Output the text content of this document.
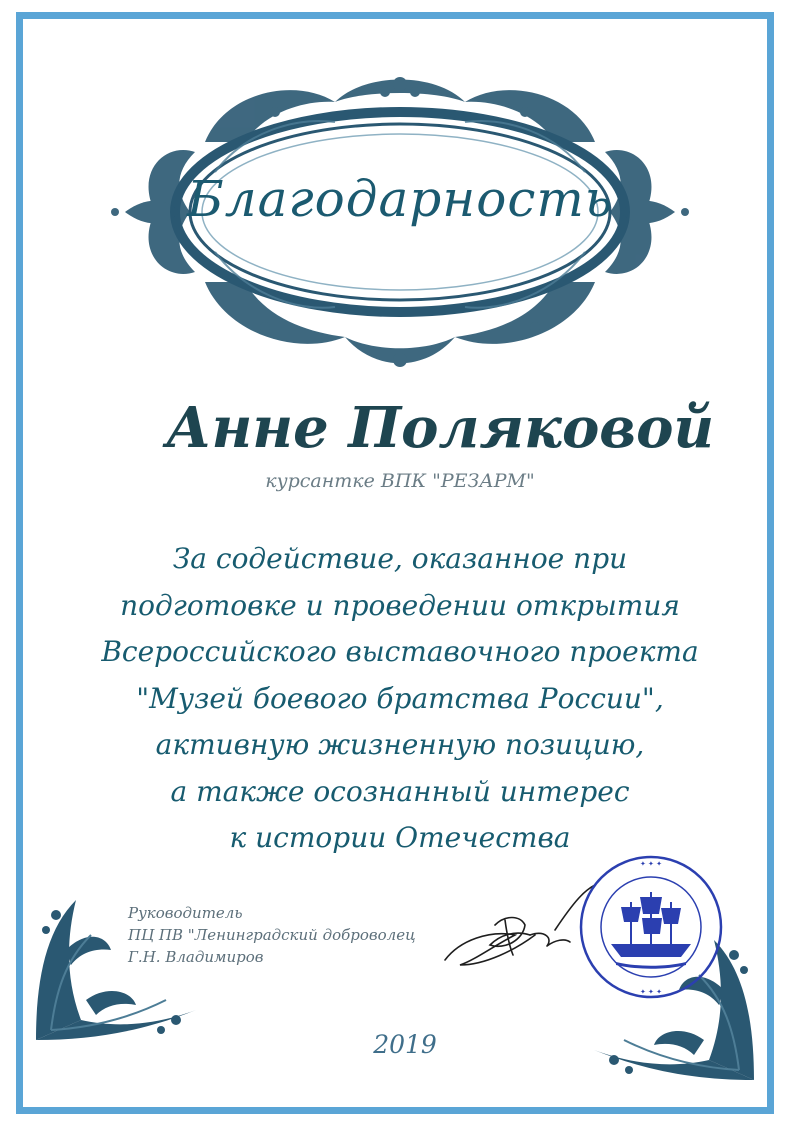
Благодарность
Анне Поляковой
курсантке ВПК "РЕЗАРМ"
За содействие, оказанное при
подготовке и проведении открытия
Всероссийского выставочного проекта
"Музей боевого братства России",
активную жизненную позицию,
а также осознанный интерес
к истории Отечества
Руководитель
ПЦ ПВ "Ленинградский доброволец
Г.Н. Владимиров
✦ ✦ ✦
✦ ✦ ✦
2019
